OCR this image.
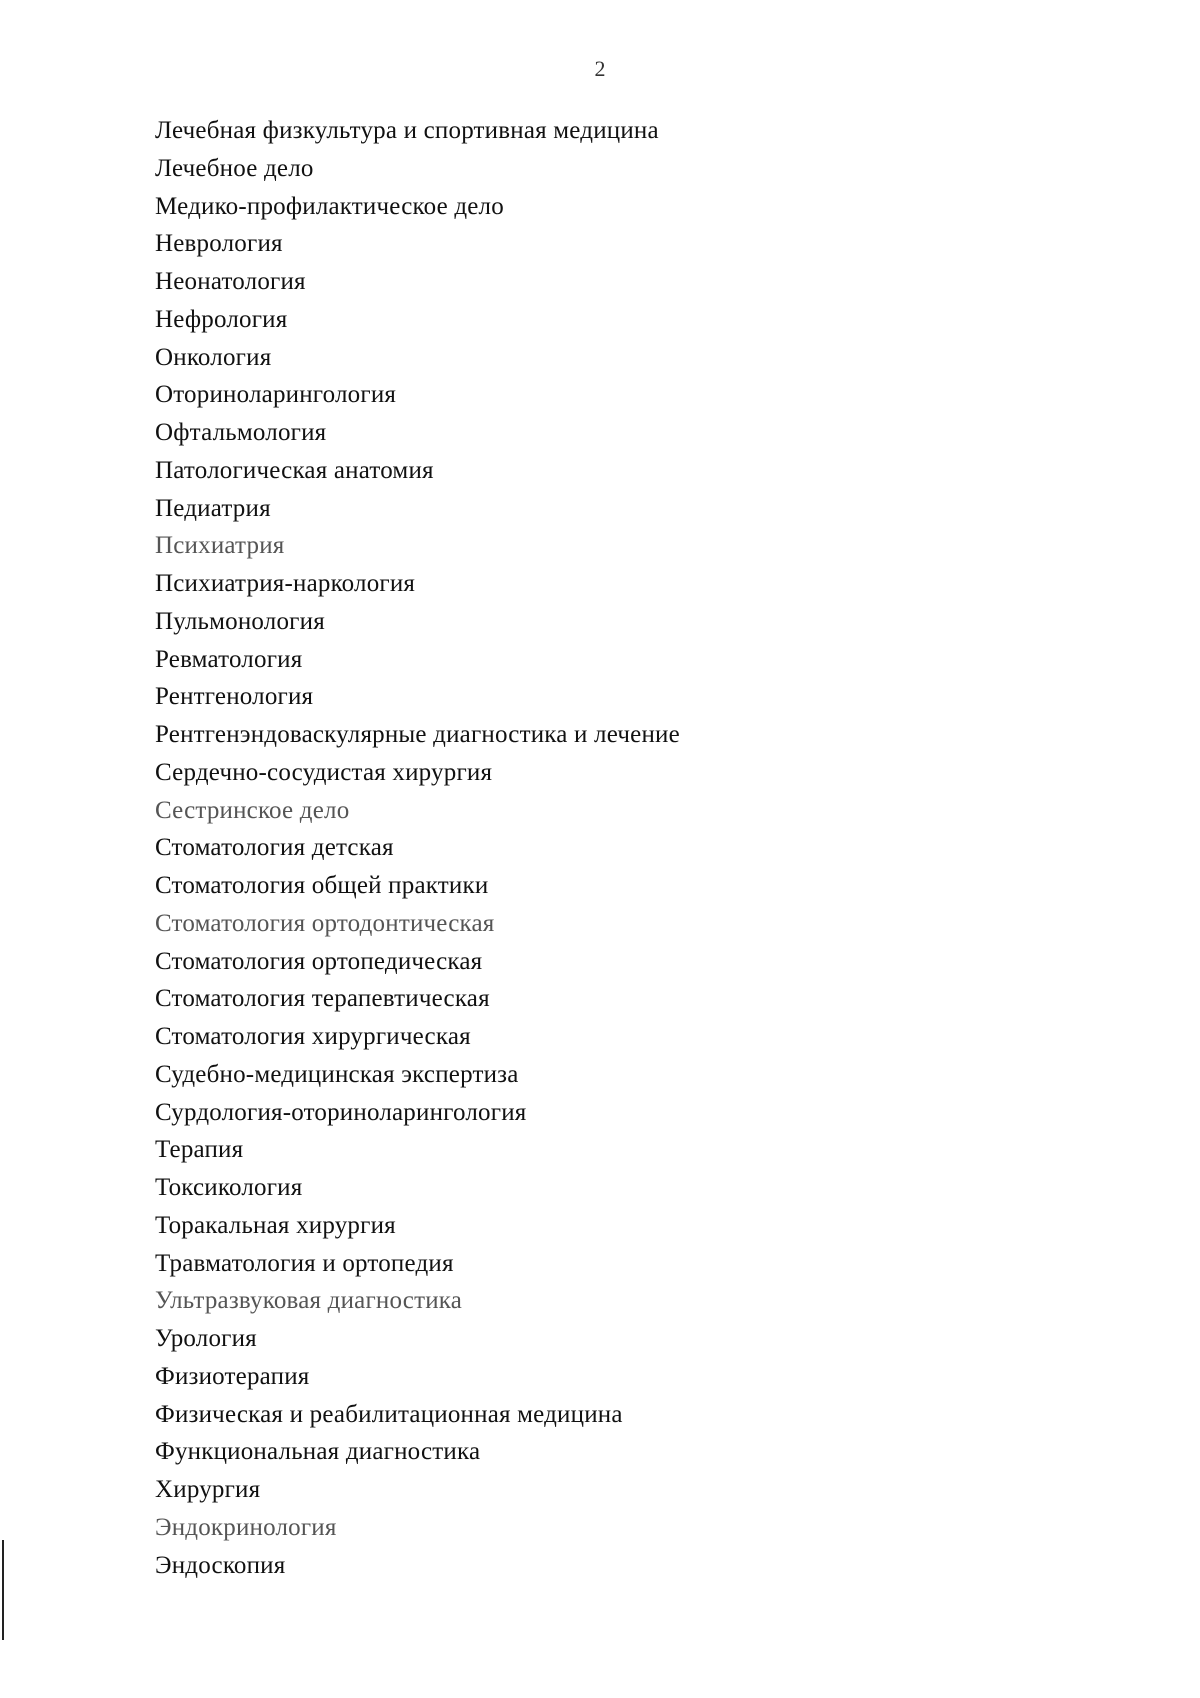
2
Лечебная физкультура и спортивная медицина
Лечебное дело
Медико-профилактическое дело
Неврология
Неонатология
Нефрология
Онкология
Оториноларингология
Офтальмология
Патологическая анатомия
Педиатрия
Психиатрия
Психиатрия-наркология
Пульмонология
Ревматология
Рентгенология
Рентгенэндоваскулярные диагностика и лечение
Сердечно-сосудистая хирургия
Сестринское дело
Стоматология детская
Стоматология общей практики
Стоматология ортодонтическая
Стоматология ортопедическая
Стоматология терапевтическая
Стоматология хирургическая
Судебно-медицинская экспертиза
Сурдология-оториноларингология
Терапия
Токсикология
Торакальная хирургия
Травматология и ортопедия
Ультразвуковая диагностика
Урология
Физиотерапия
Физическая и реабилитационная медицина
Функциональная диагностика
Хирургия
Эндокринология
Эндоскопия
